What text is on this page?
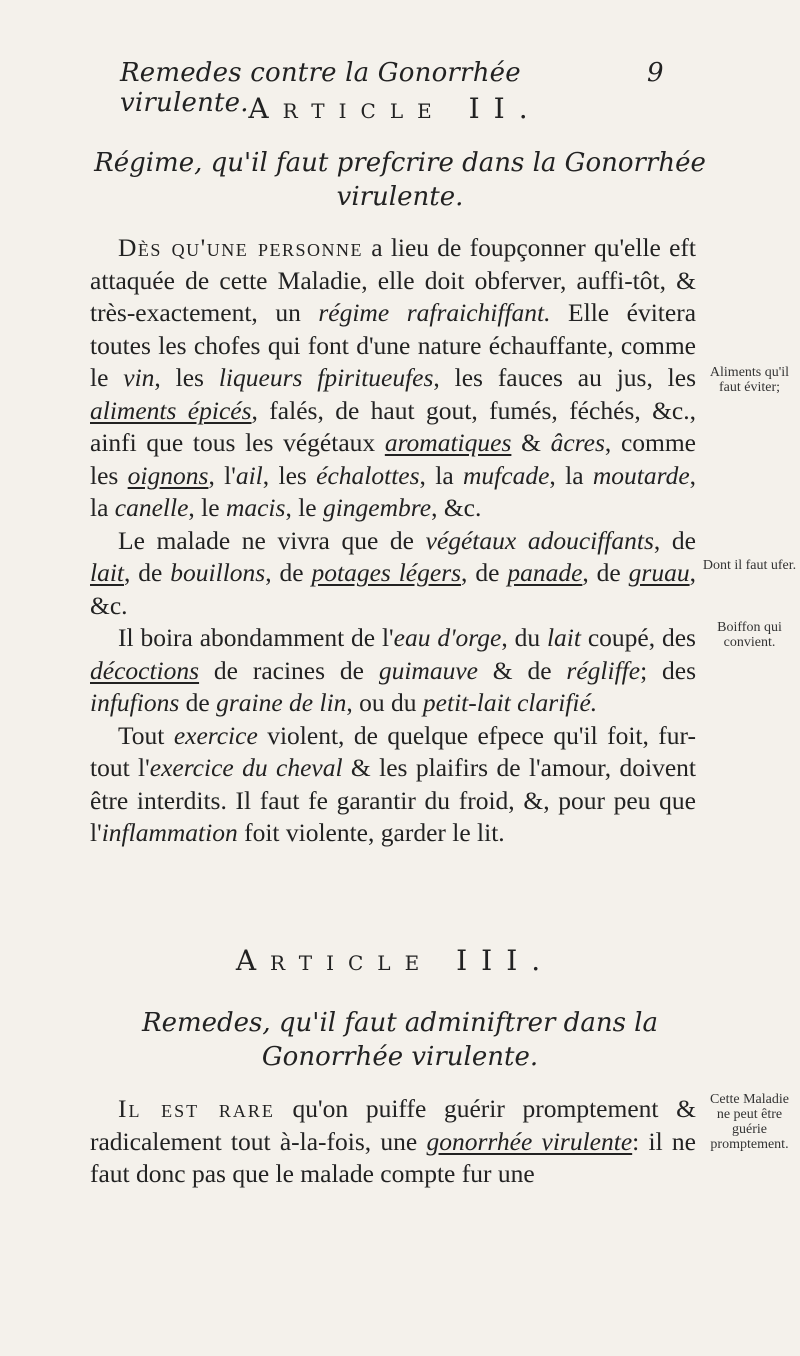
Remedes contre la Gonorrhée virulente.
9
Article II.
Régime, qu'il faut prefcrire dans la Gonorrhée virulente.

Dès qu'une personne a lieu de foupçonner qu'elle eft attaquée de cette Maladie, elle doit obferver, auffi-tôt, & très-exactement, un régime rafraichiffant. Elle évitera toutes les chofes qui font d'une nature échauffante, comme le vin, les liqueurs fpiritueufes, les fauces au jus, les aliments épicés, falés, de haut gout, fumés, féchés, &c., ainfi que tous les végétaux aromatiques & âcres, comme les oignons, l'ail, les échalottes, la mufcade, la moutarde, la canelle, le macis, le gingembre, &c.

Le malade ne vivra que de végétaux adouciffants, de lait, de bouillons, de potages légers, de panade, de gruau, &c.

Il boira abondamment de l'eau d'orge, du lait coupé, des décoctions de racines de guimauve & de régliffe; des infufions de graine de lin, ou du petit-lait clarifié.

Tout exercice violent, de quelque efpece qu'il foit, fur-tout l'exercice du cheval & les plaifirs de l'amour, doivent être interdits. Il faut fe garantir du froid, &, pour peu que l'inflammation foit violente, garder le lit.

Article III.
Remedes, qu'il faut adminiftrer dans la Gonorrhée virulente.

Il est rare qu'on puiffe guérir promptement & radicalement tout à-la-fois, une gonorrhée virulente: il ne faut donc pas que le malade compte fur une

Aliments qu'il faut éviter;
Dont il faut ufer.
Boiffon qui convient.
Cette Maladie ne peut être guérie promptement.
